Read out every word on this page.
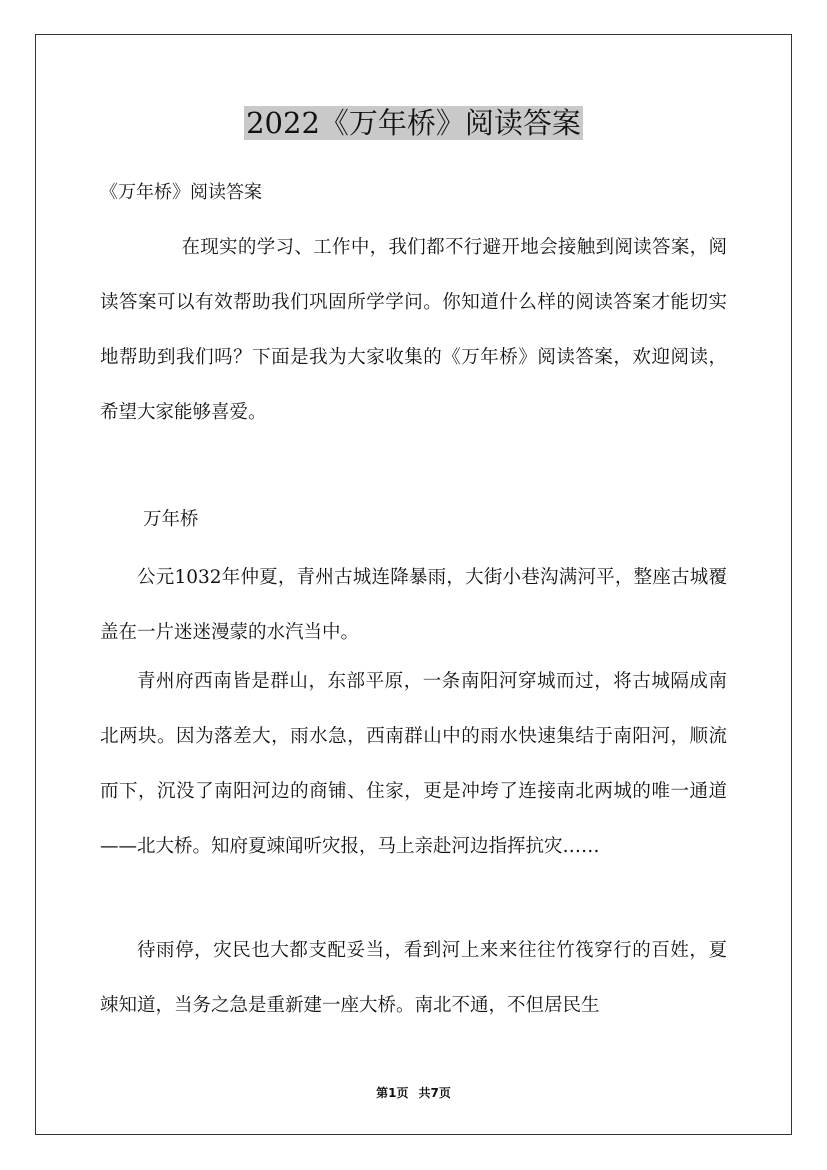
2022《万年桥》阅读答案

《万年桥》阅读答案

在现实的学习、工作中，我们都不行避开地会接触到阅读答案，阅读答案可以有效帮助我们巩固所学学问。你知道什么样的阅读答案才能切实地帮助到我们吗？下面是我为大家收集的《万年桥》阅读答案，欢迎阅读，希望大家能够喜爱。

万年桥

公元1032年仲夏，青州古城连降暴雨，大街小巷沟满河平，整座古城覆盖在一片迷迷漫蒙的水汽当中。

青州府西南皆是群山，东部平原，一条南阳河穿城而过，将古城隔成南北两块。因为落差大，雨水急，西南群山中的雨水快速集结于南阳河，顺流而下，沉没了南阳河边的商铺、住家，更是冲垮了连接南北两城的唯一通道——北大桥。知府夏竦闻听灾报，马上亲赴河边指挥抗灾……

待雨停，灾民也大都支配妥当，看到河上来来往往竹筏穿行的百姓，夏竦知道，当务之急是重新建一座大桥。南北不通，不但居民生

第1页 共7页
